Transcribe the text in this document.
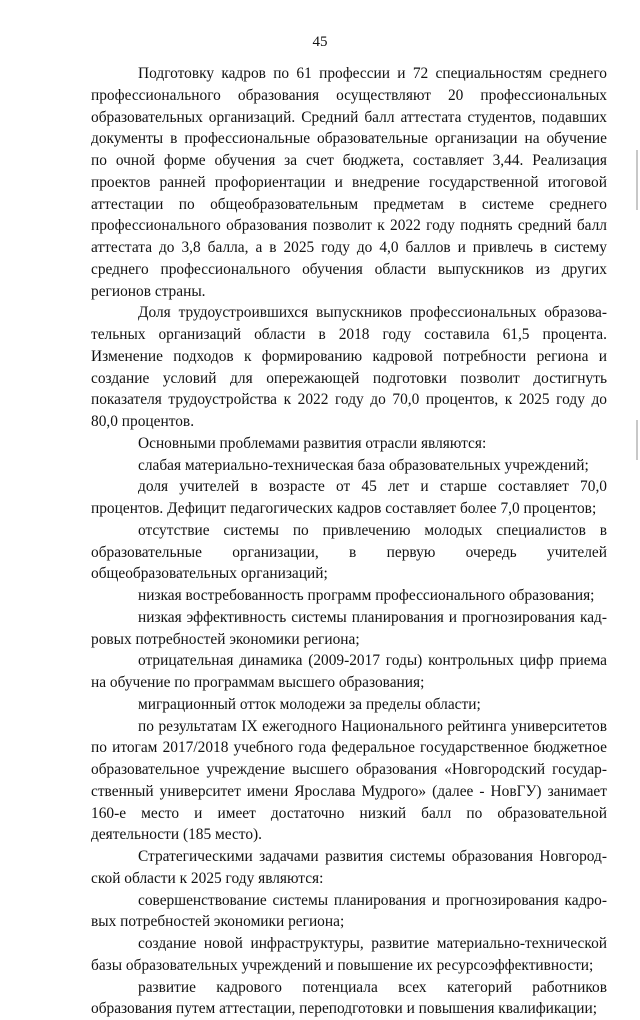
45

Подготовку кадров по 61 профессии и 72 специальностям среднего профессионального образования осуществляют 20 профессиональных образовательных организаций. Средний балл аттестата студентов, подавших документы в профессиональные образовательные организации на обучение по очной форме обучения за счет бюджета, составляет 3,44. Реализация проектов ранней профориентации и внедрение государственной итоговой аттестации по общеобразовательным предметам в системе среднего профессионального образования позволит к 2022 году поднять средний балл аттестата до 3,8 балла, а в 2025 году до 4,0 баллов и привлечь в систему среднего профессионального обучения области выпускников из других регионов страны.

Доля трудоустроившихся выпускников профессиональных образовательных организаций области в 2018 году составила 61,5 процента. Изменение подходов к формированию кадровой потребности региона и создание условий для опережающей подготовки позволит достигнуть показателя трудоустройства к 2022 году до 70,0 процентов, к 2025 году до 80,0 процентов.

Основными проблемами развития отрасли являются:

слабая материально-техническая база образовательных учреждений;

доля учителей в возрасте от 45 лет и старше составляет 70,0 процентов. Дефицит педагогических кадров составляет более 7,0 процентов;

отсутствие системы по привлечению молодых специалистов в образовательные организации, в первую очередь учителей общеобразовательных организаций;

низкая востребованность программ профессионального образования;

низкая эффективность системы планирования и прогнозирования кадровых потребностей экономики региона;

отрицательная динамика (2009-2017 годы) контрольных цифр приема на обучение по программам высшего образования;

миграционный отток молодежи за пределы области;

по результатам IX ежегодного Национального рейтинга университетов по итогам 2017/2018 учебного года федеральное государственное бюджетное образовательное учреждение высшего образования «Новгородский государственный университет имени Ярослава Мудрого» (далее - НовГУ) занимает 160-е место и имеет достаточно низкий балл по образовательной деятельности (185 место).

Стратегическими задачами развития системы образования Новгородской области к 2025 году являются:

совершенствование системы планирования и прогнозирования кадровых потребностей экономики региона;

создание новой инфраструктуры, развитие материально-технической базы образовательных учреждений и повышение их ресурсоэффективности;

развитие кадрового потенциала всех категорий работников образования путем аттестации, переподготовки и повышения квалификации;
